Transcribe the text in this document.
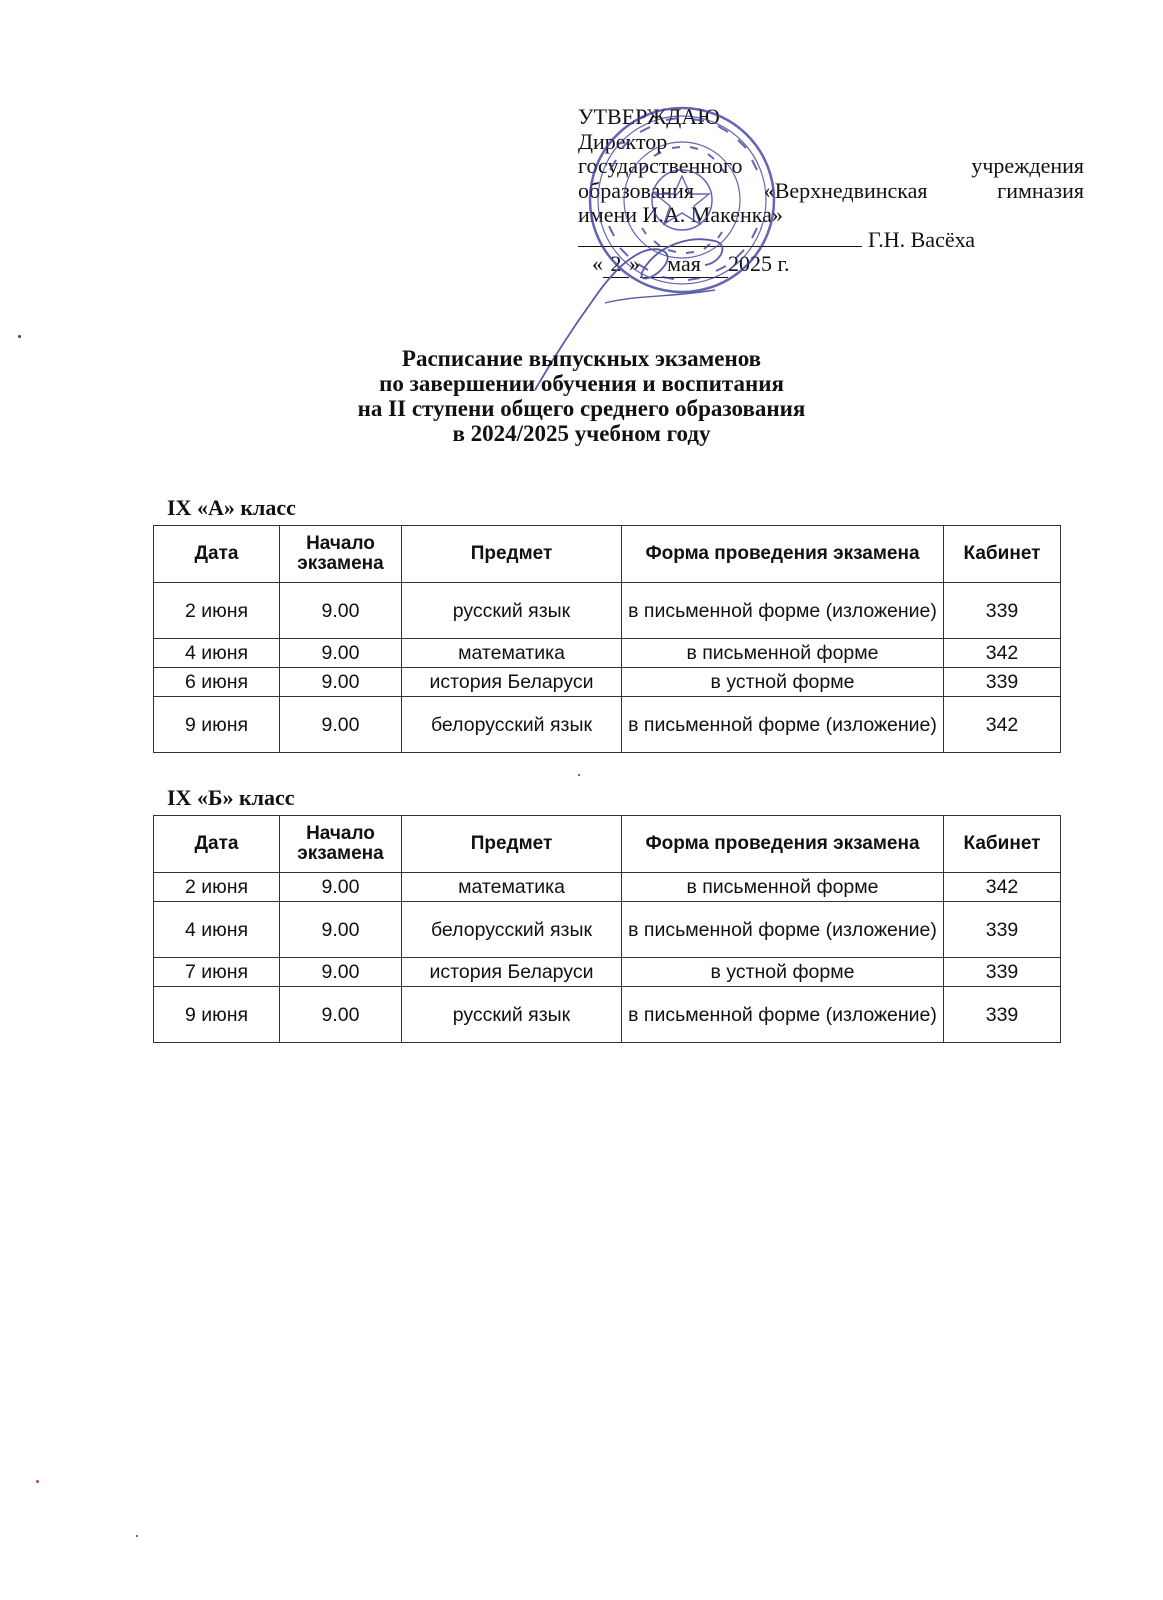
УТВЕРЖДАЮ
Директор
государственного	учреждения
образования	«Верхнедвинская	гимназия
имени И.А. Макенка»
Г.Н. Васёха
« 2 » мая 2025 г.
Расписание выпускных экзаменов
по завершении обучения и воспитания
на II ступени общего среднего образования
в 2024/2025 учебном году
IX «А» класс
Дата	Начало экзамена	Предмет	Форма проведения экзамена	Кабинет
2 июня	9.00	русский язык	в письменной форме (изложение)	339
4 июня	9.00	математика	в письменной форме	342
6 июня	9.00	история Беларуси	в устной форме	339
9 июня	9.00	белорусский язык	в письменной форме (изложение)	342
IX «Б» класс
Дата	Начало экзамена	Предмет	Форма проведения экзамена	Кабинет
2 июня	9.00	математика	в письменной форме	342
4 июня	9.00	белорусский язык	в письменной форме (изложение)	339
7 июня	9.00	история Беларуси	в устной форме	339
9 июня	9.00	русский язык	в письменной форме (изложение)	339
